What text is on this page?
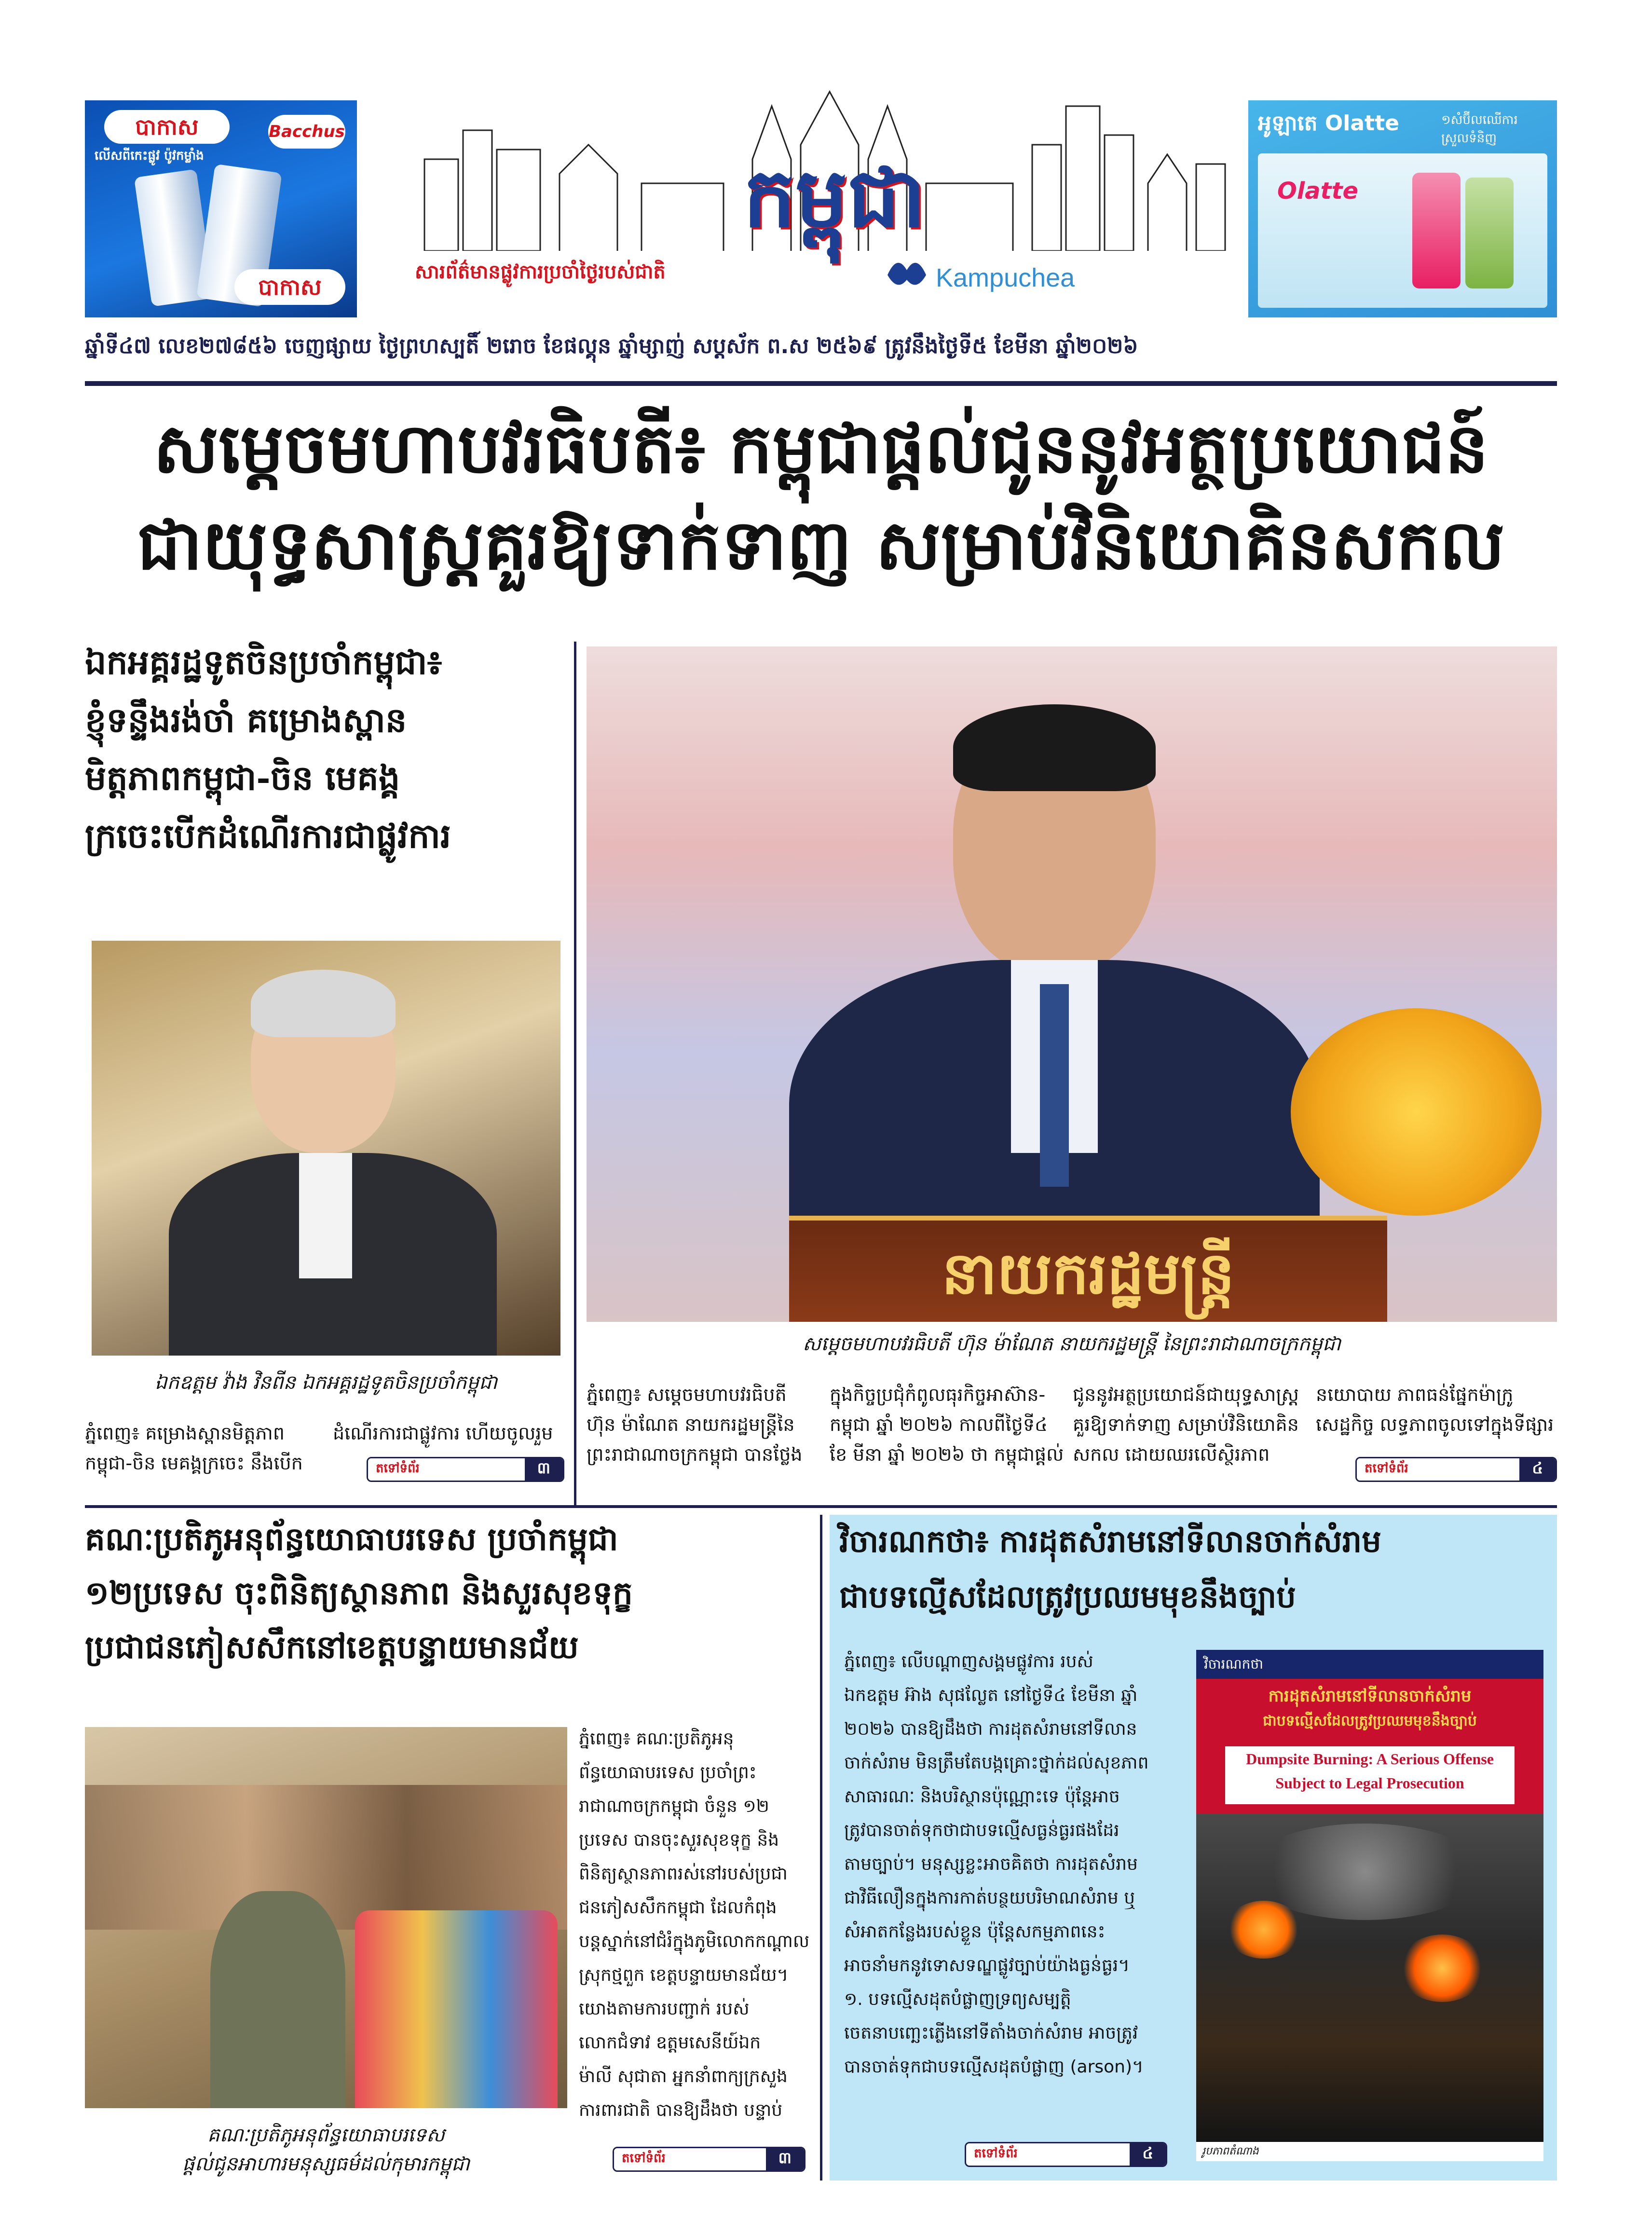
បាកាស
លើសពីកេះផ្លូវ ប៉ូវកម្លាំង
Bacchus
បាកាស
កម្ពុជា
សារព័ត៌មានផ្លូវការប្រចាំថ្ងៃរបស់ជាតិ	Kampuchea
អូឡាតេ Olatte	១សំប៊ីលឈើការ ស្រួលទំនិញ
Olatte
ឆ្នាំទី៤៧ លេខ២៧៨៥៦ ចេញផ្សាយ ថ្ងៃព្រហស្បតិ៍ ២រោច ខែផល្គុន ឆ្នាំម្សាញ់ សប្តស័ក ព.ស ២៥៦៩ ត្រូវនឹងថ្ងៃទី៥ ខែមីនា ឆ្នាំ២០២៦
សម្តេចមហាបវរធិបតី៖ កម្ពុជាផ្តល់ជូននូវអត្ថប្រយោជន៍
ជាយុទ្ធសាស្ត្រគួរឱ្យទាក់ទាញ សម្រាប់វិនិយោគិនសកល
ឯកអគ្គរដ្ឋទូតចិនប្រចាំកម្ពុជា៖
ខ្ញុំទន្ទឹងរង់ចាំ គម្រោងស្ពាន
មិត្តភាពកម្ពុជា-ចិន មេគង្គ
ក្រចេះបើកដំណើរការជាផ្លូវការ
ឯកឧត្តម វ៉ាង វិនពីន ឯកអគ្គរដ្ឋទូតចិនប្រចាំកម្ពុជា
ភ្នំពេញ៖ គម្រោងស្ពានមិត្តភាព
កម្ពុជា-ចិន មេគង្គក្រចេះ នឹងបើក
ដំណើរការជាផ្លូវការ ហើយចូលរួម
តទៅទំព័រ	៣
នាយករដ្ឋមន្ត្រី
សម្តេចមហាបវរធិបតី ហ៊ុន ម៉ាណែត នាយករដ្ឋមន្ត្រី នៃព្រះរាជាណាចក្រកម្ពុជា
ភ្នំពេញ៖ សម្តេចមហាបវរធិបតី
ហ៊ុន ម៉ាណែត នាយករដ្ឋមន្ត្រីនៃ
ព្រះរាជាណាចក្រកម្ពុជា បានថ្លែង
ក្នុងកិច្ចប្រជុំកំពូលធុរកិច្ចអាស៊ាន-
កម្ពុជា ឆ្នាំ ២០២៦ កាលពីថ្ងៃទី៤
ខែ មីនា ឆ្នាំ ២០២៦ ថា កម្ពុជាផ្តល់
ជូននូវអត្ថប្រយោជន៍ជាយុទ្ធសាស្ត្រ
គួរឱ្យទាក់ទាញ សម្រាប់វិនិយោគិន
សកល ដោយឈរលើស្ថិរភាព
នយោបាយ ភាពធន់ផ្នែកម៉ាក្រូ
សេដ្ឋកិច្ច លទ្ធភាពចូលទៅក្នុងទីផ្សារ
តទៅទំព័រ	៤
គណៈប្រតិភូអនុព័ន្ធយោធាបរទេស ប្រចាំកម្ពុជា
១២ប្រទេស ចុះពិនិត្យស្ថានភាព និងសួរសុខទុក្ខ
ប្រជាជនភៀសសឹកនៅខេត្តបន្ទាយមានជ័យ
គណៈប្រតិភូអនុព័ន្ធយោធាបរទេស
ផ្តល់ជូនអាហារមនុស្សធម៌ដល់កុមារកម្ពុជា
ភ្នំពេញ៖ គណៈប្រតិភូអនុ
ព័ន្ធយោធាបរទេស ប្រចាំព្រះ
រាជាណាចក្រកម្ពុជា ចំនួន ១២
ប្រទេស បានចុះសួរសុខទុក្ខ និង
ពិនិត្យស្ថានភាពរស់នៅរបស់ប្រជា
ជនភៀសសឹកកម្ពុជា ដែលកំពុង
បន្តស្នាក់នៅជំរំក្នុងភូមិលោកកណ្តាល
ស្រុកថ្មពួក ខេត្តបន្ទាយមានជ័យ។
យោងតាមការបញ្ជាក់ របស់
លោកជំទាវ ឧត្តមសេនីយ៍ឯក
ម៉ាលី សុជាតា អ្នកនាំពាក្យក្រសួង
ការពារជាតិ បានឱ្យដឹងថា បន្ទាប់
តទៅទំព័រ	៣
វិចារណកថា៖ ការដុតសំរាមនៅទីលានចាក់សំរាម
ជាបទល្មើសដែលត្រូវប្រឈមមុខនឹងច្បាប់
ភ្នំពេញ៖ លើបណ្តាញសង្គមផ្លូវការ របស់
ឯកឧត្តម អ៊ាង សុផល្លែត នៅថ្ងៃទី៤ ខែមីនា ឆ្នាំ
២០២៦ បានឱ្យដឹងថា ការដុតសំរាមនៅទីលាន
ចាក់សំរាម មិនត្រឹមតែបង្កគ្រោះថ្នាក់ដល់សុខភាព
សាធារណៈ និងបរិស្ថានប៉ុណ្ណោះទេ ប៉ុន្តែអាច
ត្រូវបានចាត់ទុកថាជាបទល្មើសធ្ងន់ធ្ងរផងដែរ
តាមច្បាប់។ មនុស្សខ្លះអាចគិតថា ការដុតសំរាម
ជាវិធីលឿនក្នុងការកាត់បន្ថយបរិមាណសំរាម ឬ
សំអាតកន្លែងរបស់ខ្លួន ប៉ុន្តែសកម្មភាពនេះ
អាចនាំមកនូវទោសទណ្ឌផ្លូវច្បាប់យ៉ាងធ្ងន់ធ្ងរ។
១. បទល្មើសដុតបំផ្លាញទ្រព្យសម្បត្តិ
ចេតនាបញ្ឆេះភ្លើងនៅទីតាំងចាក់សំរាម អាចត្រូវ
បានចាត់ទុកជាបទល្មើសដុតបំផ្លាញ (arson)។
វិចារណកថា
ការដុតសំរាមនៅទីលានចាក់សំរាម
ជាបទល្មើសដែលត្រូវប្រឈមមុខនឹងច្បាប់
Dumpsite Burning: A Serious Offense
Subject to Legal Prosecution
រូបភាពតំណាង
តទៅទំព័រ	៤
